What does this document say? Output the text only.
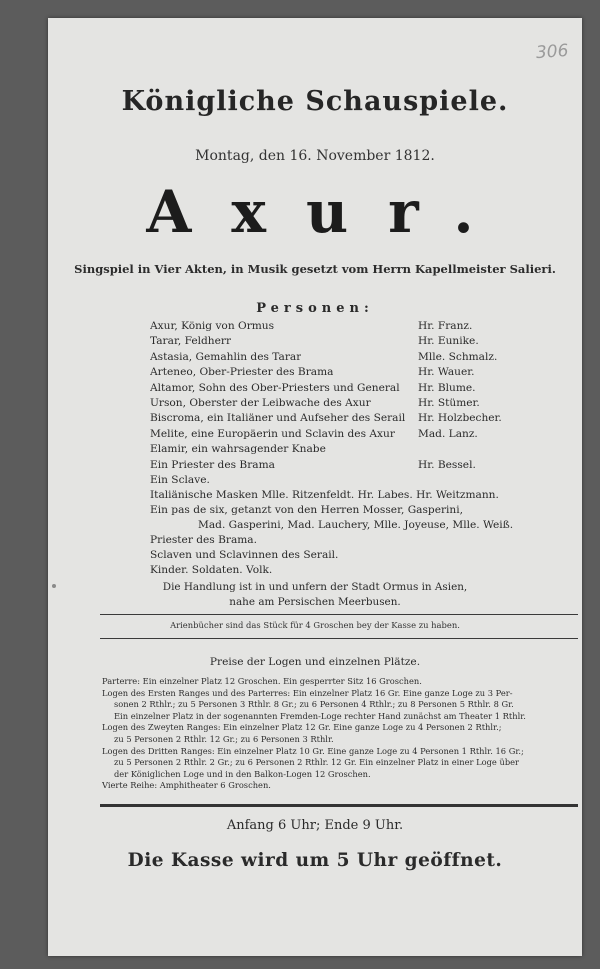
306
Königliche Schauspiele.
Montag, den 16. November 1812.
Axur.
Singspiel in Vier Akten, in Musik gesetzt vom Herrn Kapellmeister Salieri.
Personen:
Axur, König von Ormus	Hr. Franz.
Tarar, Feldherr	Hr. Eunike.
Astasia, Gemahlin des Tarar	Mlle. Schmalz.
Arteneo, Ober-Priester des Brama	Hr. Wauer.
Altamor, Sohn des Ober-Priesters und General Hr. Blume.
Urson, Oberster der Leibwache des Axur	Hr. Stümer.
Biscroma, ein Italiäner und Aufseher des Serail Hr. Holzbecher.
Melite, eine Europäerin und Sclavin des Axur Mad. Lanz.
Elamir, ein wahrsagender Knabe
Ein Priester des Brama	Hr. Bessel.
Ein Sclave.
Italiänische Masken Mlle. Ritzenfeldt. Hr. Labes. Hr. Weitzmann.
Ein pas de six, getanzt von den Herren Mosser, Gasperini,
Mad. Gasperini, Mad. Lauchery, Mlle. Joyeuse, Mlle. Weiß.
Priester des Brama.
Sclaven und Sclavinnen des Serail.
Kinder. Soldaten. Volk.
Die Handlung ist in und unfern der Stadt Ormus in Asien,
nahe am Persischen Meerbusen.
Arienbücher sind das Stück für 4 Groschen bey der Kasse zu haben.
Preise der Logen und einzelnen Plätze.
Parterre: Ein einzelner Platz 12 Groschen. Ein gesperrter Sitz 16 Groschen.
Logen des Ersten Ranges und des Parterres: Ein einzelner Platz 16 Gr. Eine ganze Loge zu 3 Per-
sonen 2 Rthlr.; zu 5 Personen 3 Rthlr. 8 Gr.; zu 6 Personen 4 Rthlr.; zu 8 Personen 5 Rthlr. 8 Gr.
Ein einzelner Platz in der sogenannten Fremden-Loge rechter Hand zunächst am Theater 1 Rthlr.
Logen des Zweyten Ranges: Ein einzelner Platz 12 Gr. Eine ganze Loge zu 4 Personen 2 Rthlr.;
zu 5 Personen 2 Rthlr. 12 Gr.; zu 6 Personen 3 Rthlr.
Logen des Dritten Ranges: Ein einzelner Platz 10 Gr. Eine ganze Loge zu 4 Personen 1 Rthlr. 16 Gr.;
zu 5 Personen 2 Rthlr. 2 Gr.; zu 6 Personen 2 Rthlr. 12 Gr. Ein einzelner Platz in einer Loge über
der Königlichen Loge und in den Balkon-Logen 12 Groschen.
Vierte Reihe: Amphitheater 6 Groschen.
Anfang 6 Uhr; Ende 9 Uhr.
Die Kasse wird um 5 Uhr geöffnet.
